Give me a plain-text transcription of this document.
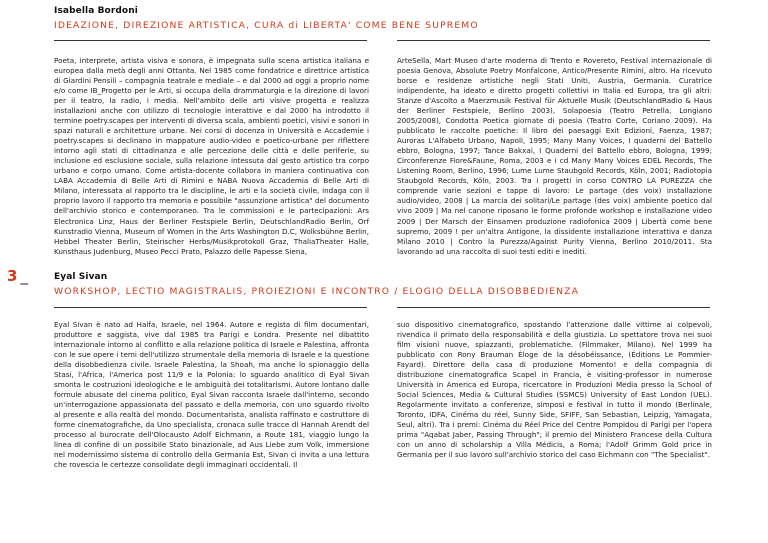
Isabella Bordoni
IDEAZIONE, DIREZIONE ARTISTICA, CURA di LIBERTA' COME BENE SUPREMO

Poeta, interprete, artista visiva e sonora, è impegnata sulla scena artistica italiana e europea dalla metà degli anni Ottanta. Nel 1985 come fondatrice e direttrice artistica di Giardini Pensili – compagnia teatrale e mediale – e dal 2000 ad oggi a proprio nome e/o come IB_Progetto per le Arti, si occupa della drammaturgia e la direzione di lavori per il teatro, la radio, i media. Nell'ambito delle arti visive progetta e realizza installazioni anche con utilizzo di tecnologie interattive e dal 2000 ha introdotto il termine poetry.scapes per interventi di diversa scala, ambienti poetici, visivi e sonori in spazi naturali e architetture urbane. Nei corsi di docenza in Università e Accademie i poetry.scapes si declinano in mappature audio-video e poetico-urbane per riflettere intorno agli stati di cittadinanza e alle percezione delle città e delle periferie, su inclusione ed esclusione sociale, sulla relazione intessuta dal gesto artistico tra corpo urbano e corpo umano. Come artista-docente collabora in maniera continuativa con LABA Accademia di Belle Arti di Rimini e NABA Nuova Accademia di Belle Arti di Milano, interessata al rapporto tra le discipline, le arti e la società civile, indaga con il proprio lavoro il rapporto tra memoria e possibile "assunzione artistica" del documento dell'archivio storico e contemporaneo. Tra le commissioni e le partecipazioni: Ars Electronica Linz, Haus der Berliner Festspiele Berlin, DeutschlandRadio Berlin, Orf Kunstradio Vienna, Museum of Women in the Arts Washington D.C, Wolksbühne Berlin, Hebbel Theater Berlin, Steirischer Herbs/Musikprotokoll Graz, ThaliaTheater Halle, Kunsthaus Judenburg, Museo Pecci Prato, Palazzo delle Papesse Siena,

ArteSella, Mart Museo d'arte moderna di Trento e Rovereto, Festival internazionale di poesia Genova, Absolute Poetry Monfalcone, Antico/Presente Rimini, altro. Ha ricevuto borse e residenze artistiche negli Stati Uniti, Austria, Germania. Curatrice indipendente, ha ideato e diretto progetti collettivi in Italia ed Europa, tra gli altri: Stanze d'Ascolto a Maerzmusik Festival für Aktuelle Musik (DeutschlandRadio & Haus der Berliner Festspiele, Berlino 2003), Solapoesia (Teatro Petrella, Longiano 2005/2008), Condotta Poetica giornate di poesia (Teatro Corte, Coriano 2009). Ha pubblicato le raccolte poetiche: Il libro dei paesaggi Exit Edizioni, Faenza, 1987; Auroras L'Alfabeto Urbano, Napoli, 1995; Many Many Voices, I quaderni del Battello ebbro, Bologna, 1997; Tance Bakxai, I Quaderni del Battello ebbro, Bologna, 1999; Circonferenze Fiore&Faune, Roma, 2003 e i cd Many Many Voices EDEL Records, The Listening Room, Berlino, 1996; Lume Lume Staubgold Records, Köln, 2001; Radiotopia Staubgold Records, Köln, 2003. Tra i progetti in corso CONTRO LA PUREZZA che comprende varie sezioni e tappe di lavoro: Le partage (des voix) installazione audio/video, 2008 | La marcia dei solitari/Le partage (des voix) ambiente poetico dal vivo 2009 | Ma nel canone riposano le forme profonde workshop e installazione video 2009 | Der Marsch der Einsamen produzione radiofonica 2009 | Libertà come bene supremo, 2009 ! per un'altra Antigone, la dissidente installazione interattiva e danza Milano 2010 | Contro la Purezza/Against Purity Vienna, Berlino 2010/2011. Sta lavorando ad una raccolta di suoi testi editi e inediti.

3 _	Eyal Sivan
WORKSHOP, LECTIO MAGISTRALIS, PROIEZIONI E INCONTRO / ELOGIO DELLA DISOBBEDIENZA

Eyal Sivan è nato ad Haifa, Israele, nel 1964. Autore e regista di film documentari, produttore e saggista, vive dal 1985 tra Parigi e Londra. Presente nel dibattito internazionale intorno al conflitto e alla relazione politica di Israele e Palestina, affronta con le sue opere i temi dell'utilizzo strumentale della memoria di Israele e la questione della disobbedienza civile. Israele Palestina, la Shoah, ma anche lo spionaggio della Stasi, l'Africa, l'America post 11/9 e la Polonia: lo sguardo analitico di Eyal Sivan smonta le costruzioni ideologiche e le ambiguità dei totalitarismi. Autore lontano dalle formule abusate del cinema politico, Eyal Sivan racconta Israele dall'interno, secondo un'interrogazione appassionata del passato e della memoria, con uno sguardo rivolto al presente e alla realtà del mondo. Documentarista, analista raffinato e costruttore di forme cinematografiche, da Uno specialista, cronaca sulle tracce di Hannah Arendt del processo al burocrate dell'Olocausto Adolf Eichmann, a Route 181, viaggio lungo la linea di confine di un possibile Stato binazionale, ad Aus Liebe zum Volk, immersione nel modernissimo sistema di controllo della Germania Est, Sivan ci invita a una lettura che rovescia le certezze consolidate degli immaginari occidentali. Il

suo dispositivo cinematografico, spostando l'attenzione dalle vittime ai colpevoli, rivendica il primato della responsabilità e della giustizia. Lo spettatore trova nei suoi film visioni nuove, spiazzanti, problematiche. (Filmmaker, Milano). Nel 1999 ha pubblicato con Rony Brauman Éloge de la désobéissance, (Éditions Le Pommier-Fayard). Direttore della casa di produzione Momento! e della compagnia di distribuzione cinematografica Scapel in Francia, è visiting-professor in numerose Università in America ed Europa, ricercatore in Produzioni Media presso la School of Social Sciences, Media & Cultural Studies (SSMCS) University of East London (UEL). Regolarmente invitato a conferenze, simposi e festival in tutto il mondo (Berlinale, Toronto, IDFA, Cinéma du réel, Sunny Side, SFIFF, San Sebastian, Leipzig, Yamagata, Seul, altri). Tra i premi: Cinéma du Réel Price del Centre Pompidou di Parigi per l'opera prima "Aqabat Jaber, Passing Through"; il premio del Ministero Francese della Cultura con un anno di scholarship a Villa Médicis, a Roma; l'Adolf Grimm Gold price in Germania per il suo lavoro sull'archivio storico del caso Eichmann con "The Specialist".
